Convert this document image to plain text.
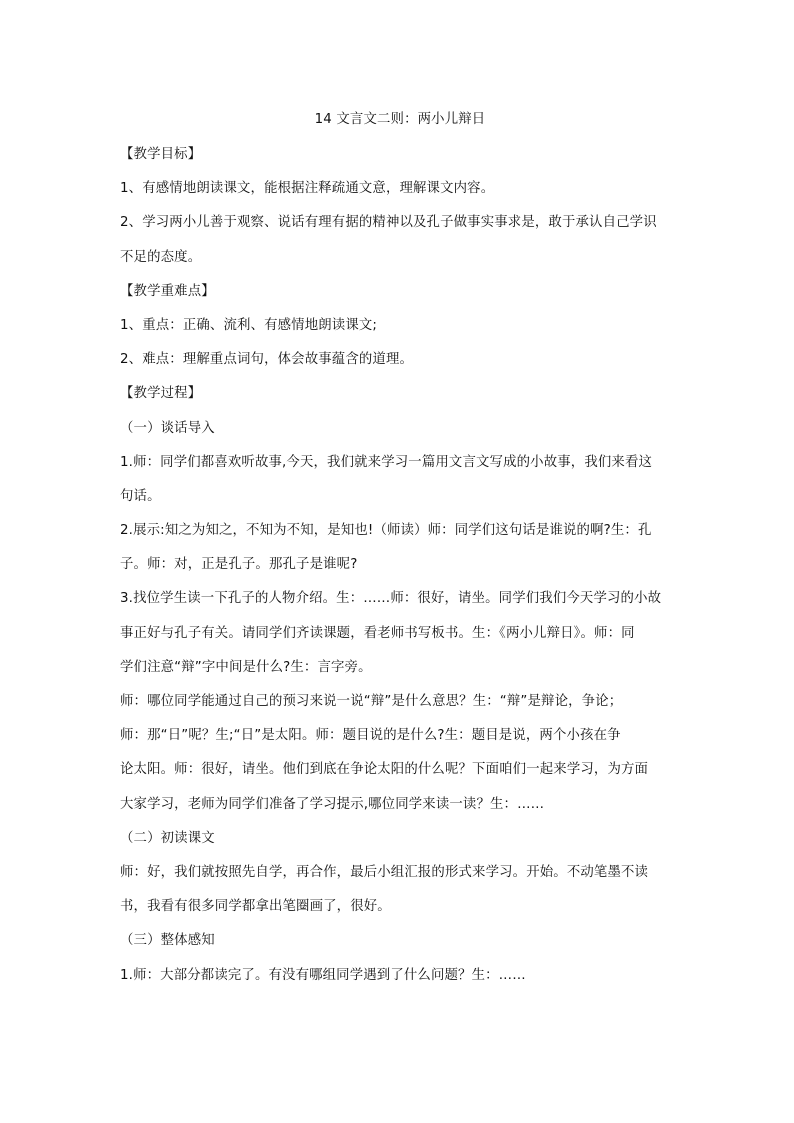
14 文言文二则：两小儿辩日
【教学目标】
1、有感情地朗读课文，能根据注释疏通文意，理解课文内容。
2、学习两小儿善于观察、说话有理有据的精神以及孔子做事实事求是，敢于承认自己学识
不足的态度。
【教学重难点】
1、重点：正确、流利、有感情地朗读课文;
2、难点：理解重点词句，体会故事蕴含的道理。
【教学过程】
（一）谈话导入
1.师：同学们都喜欢听故事,今天，我们就来学习一篇用文言文写成的小故事，我们来看这
句话。
2.展示:知之为知之，不知为不知，是知也!（师读）师：同学们这句话是谁说的啊?生：孔
子。师：对，正是孔子。那孔子是谁呢?
3.找位学生读一下孔子的人物介绍。生：……师：很好，请坐。同学们我们今天学习的小故
事正好与孔子有关。请同学们齐读课题，看老师书写板书。生：《两小儿辩日》。师：同
学们注意“辩”字中间是什么?生：言字旁。
师：哪位同学能通过自己的预习来说一说“辩”是什么意思？生：“辩”是辩论，争论；
师：那“日”呢？生;“日”是太阳。师：题目说的是什么?生：题目是说，两个小孩在争
论太阳。师：很好，请坐。他们到底在争论太阳的什么呢？下面咱们一起来学习，为方面
大家学习，老师为同学们准备了学习提示,哪位同学来读一读？生：……
（二）初读课文
师：好，我们就按照先自学，再合作，最后小组汇报的形式来学习。开始。不动笔墨不读
书，我看有很多同学都拿出笔圈画了，很好。
（三）整体感知
1.师：大部分都读完了。有没有哪组同学遇到了什么问题？生：……
